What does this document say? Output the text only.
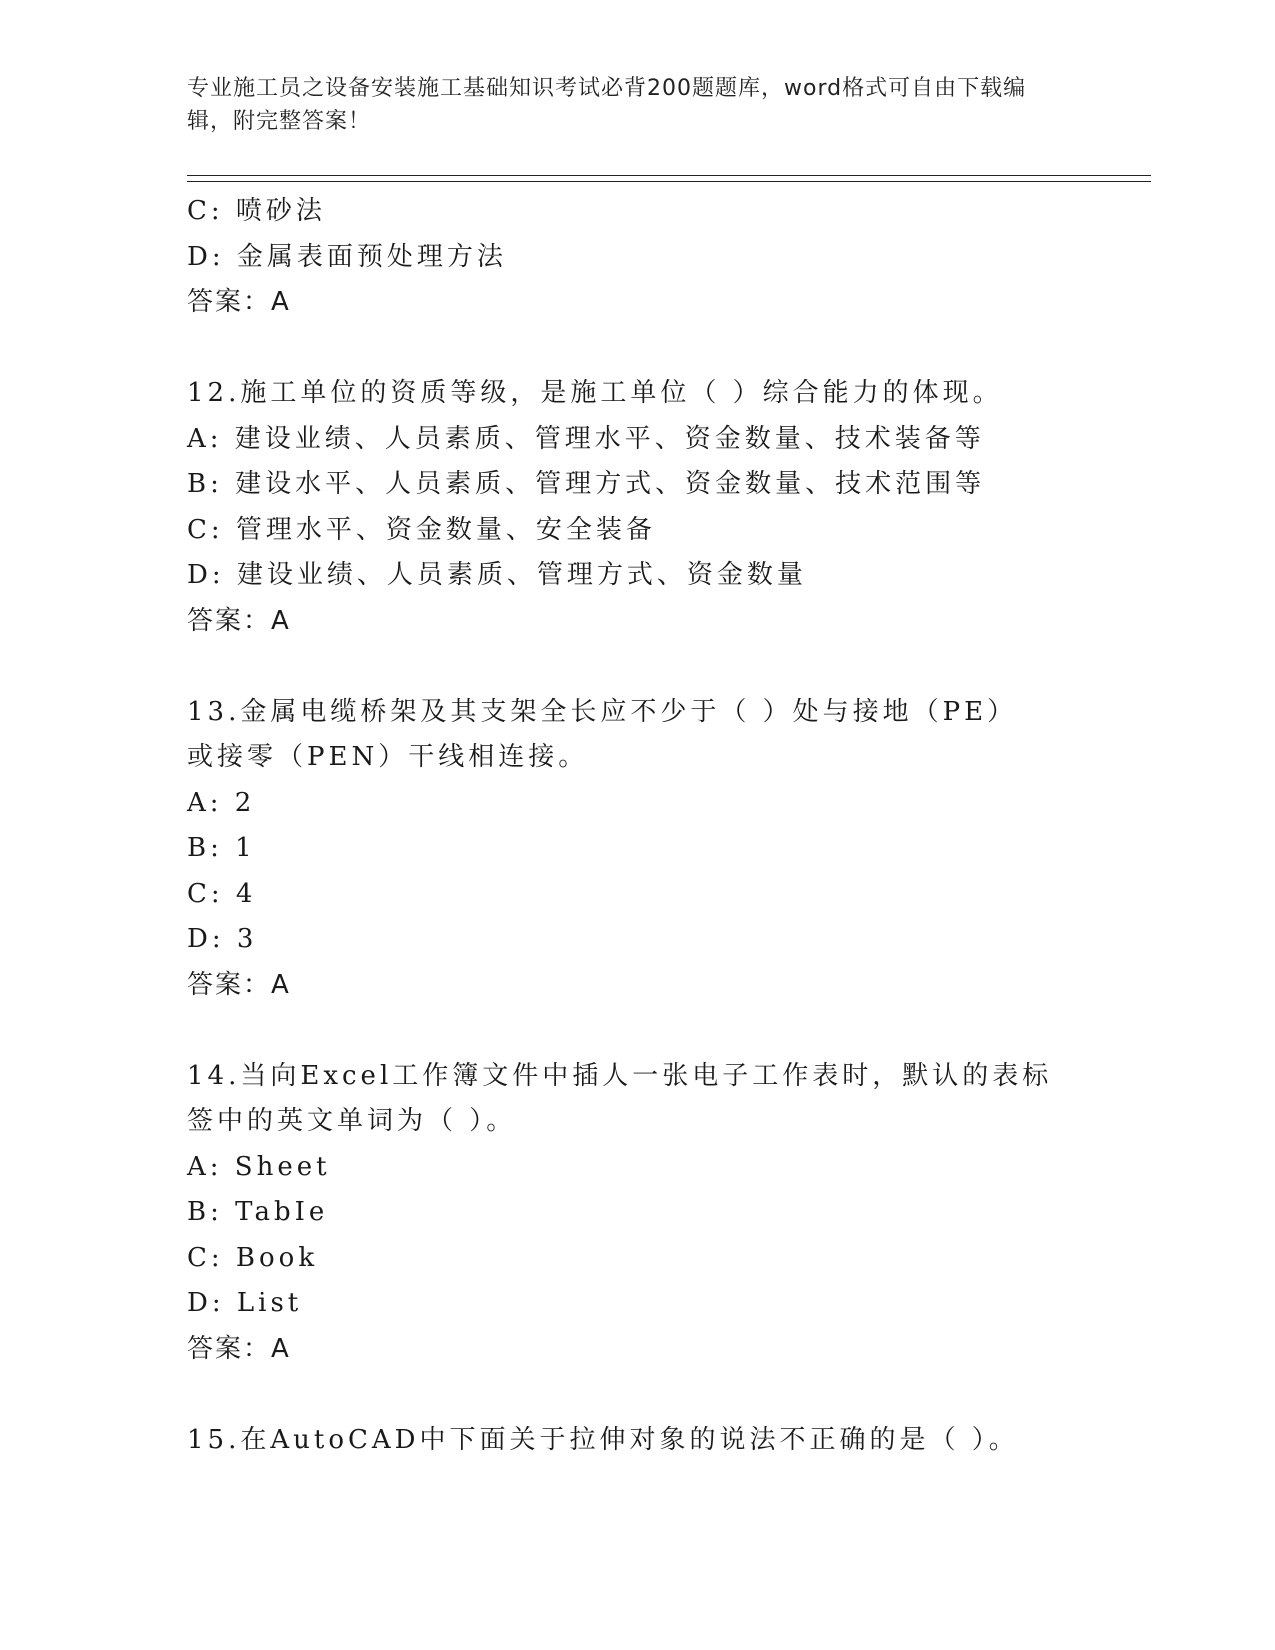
专业施工员之设备安装施工基础知识考试必背200题题库，word格式可自由下载编辑，附完整答案！

C: 喷砂法

D: 金属表面预处理方法

答案：A

12.施工单位的资质等级，是施工单位（ ）综合能力的体现。

A: 建设业绩、人员素质、管理水平、资金数量、技术装备等

B: 建设水平、人员素质、管理方式、资金数量、技术范围等

C: 管理水平、资金数量、安全装备

D: 建设业绩、人员素质、管理方式、资金数量

答案：A

13.金属电缆桥架及其支架全长应不少于（ ）处与接地（PE）或接零（PEN）干线相连接。

A: 2

B: 1

C: 4

D: 3

答案：A

14.当向Excel工作簿文件中插人一张电子工作表时，默认的表标签中的英文单词为（ ）。

A: Sheet

B: TabIe

C: Book

D: List

答案：A

15.在AutoCAD中下面关于拉伸对象的说法不正确的是（ ）。
